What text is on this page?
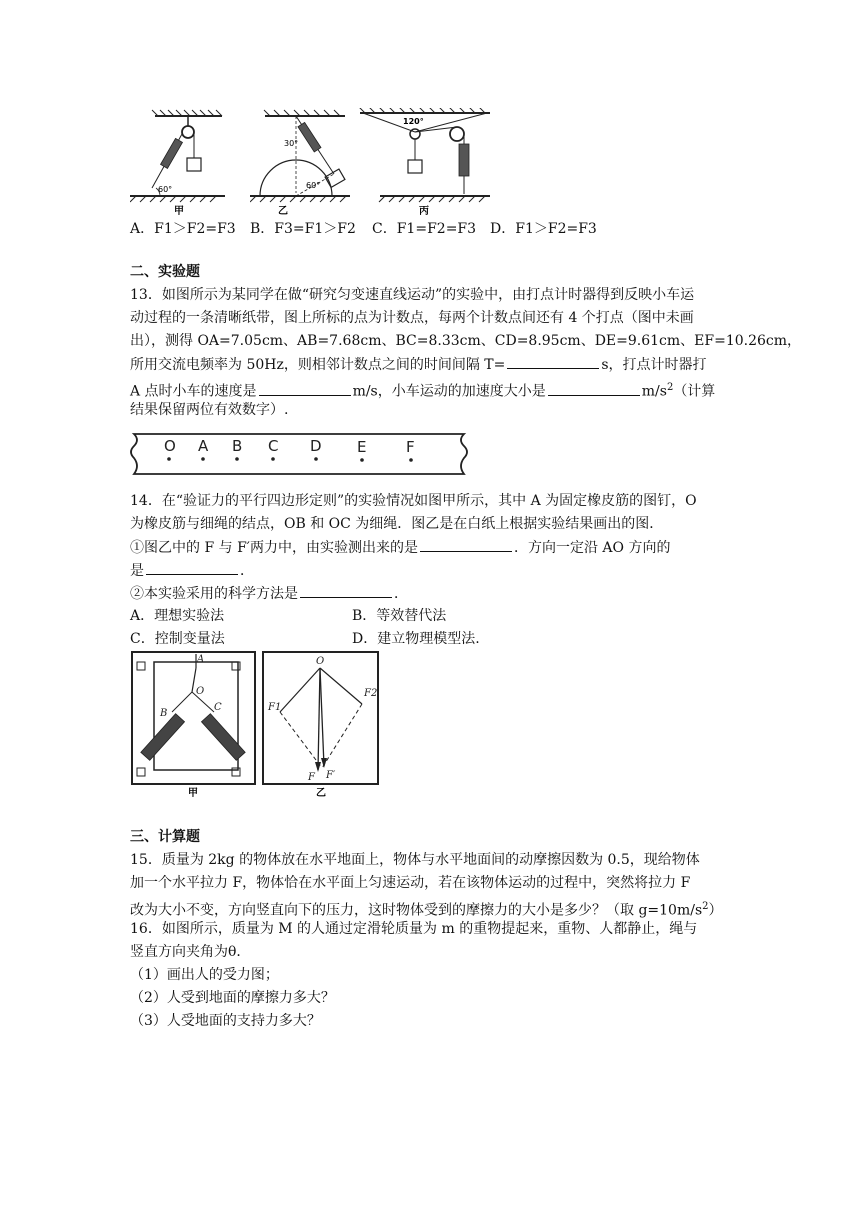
60°
甲
30°
60°
乙
120°
丙
A．F1＞F2=F3 B．F3=F1＞F2 C．F1=F2=F3 D．F1＞F2=F3
二、实验题
13．如图所示为某同学在做“研究匀变速直线运动”的实验中，由打点计时器得到反映小车运
动过程的一条清晰纸带，图上所标的点为计数点，每两个计数点间还有 4 个打点（图中未画
出），测得 OA=7.05cm、AB=7.68cm、BC=8.33cm、CD=8.95cm、DE=9.61cm、EF=10.26cm，
所用交流电频率为 50Hz，则相邻计数点之间的时间间隔 T=	s，打点计时器打
A 点时小车的速度是	m/s，小车运动的加速度大小是	$m/s^2$（计算
结果保留两位有效数字）.
O A B C D E	F
14．在“验证力的平行四边形定则”的实验情况如图甲所示，其中 A 为固定橡皮筋的图钉，O
为橡皮筋与细绳的结点，OB 和 OC 为细绳．图乙是在白纸上根据实验结果画出的图．
①图乙中的 F 与 F′两力中，由实验测出来的是	．方向一定沿 AO 方向的
是	．
②本实验采用的科学方法是	．
A．理想实验法	B．等效替代法
C．控制变量法	D．建立物理模型法.
A
O
B
C
甲
O
F1
F2
F F′
乙
三、计算题
15．质量为 2kg 的物体放在水平地面上，物体与水平地面间的动摩擦因数为 0.5，现给物体
加一个水平拉力 F，物体恰在水平面上匀速运动，若在该物体运动的过程中，突然将拉力 F
改为大小不变，方向竖直向下的压力，这时物体受到的摩擦力的大小是多少？（取 $g=10m/s^2$）
16．如图所示，质量为 M 的人通过定滑轮质量为 m 的重物提起来，重物、人都静止，绳与
竖直方向夹角为θ．
（1）画出人的受力图；
（2）人受到地面的摩擦力多大？
（3）人受地面的支持力多大？
